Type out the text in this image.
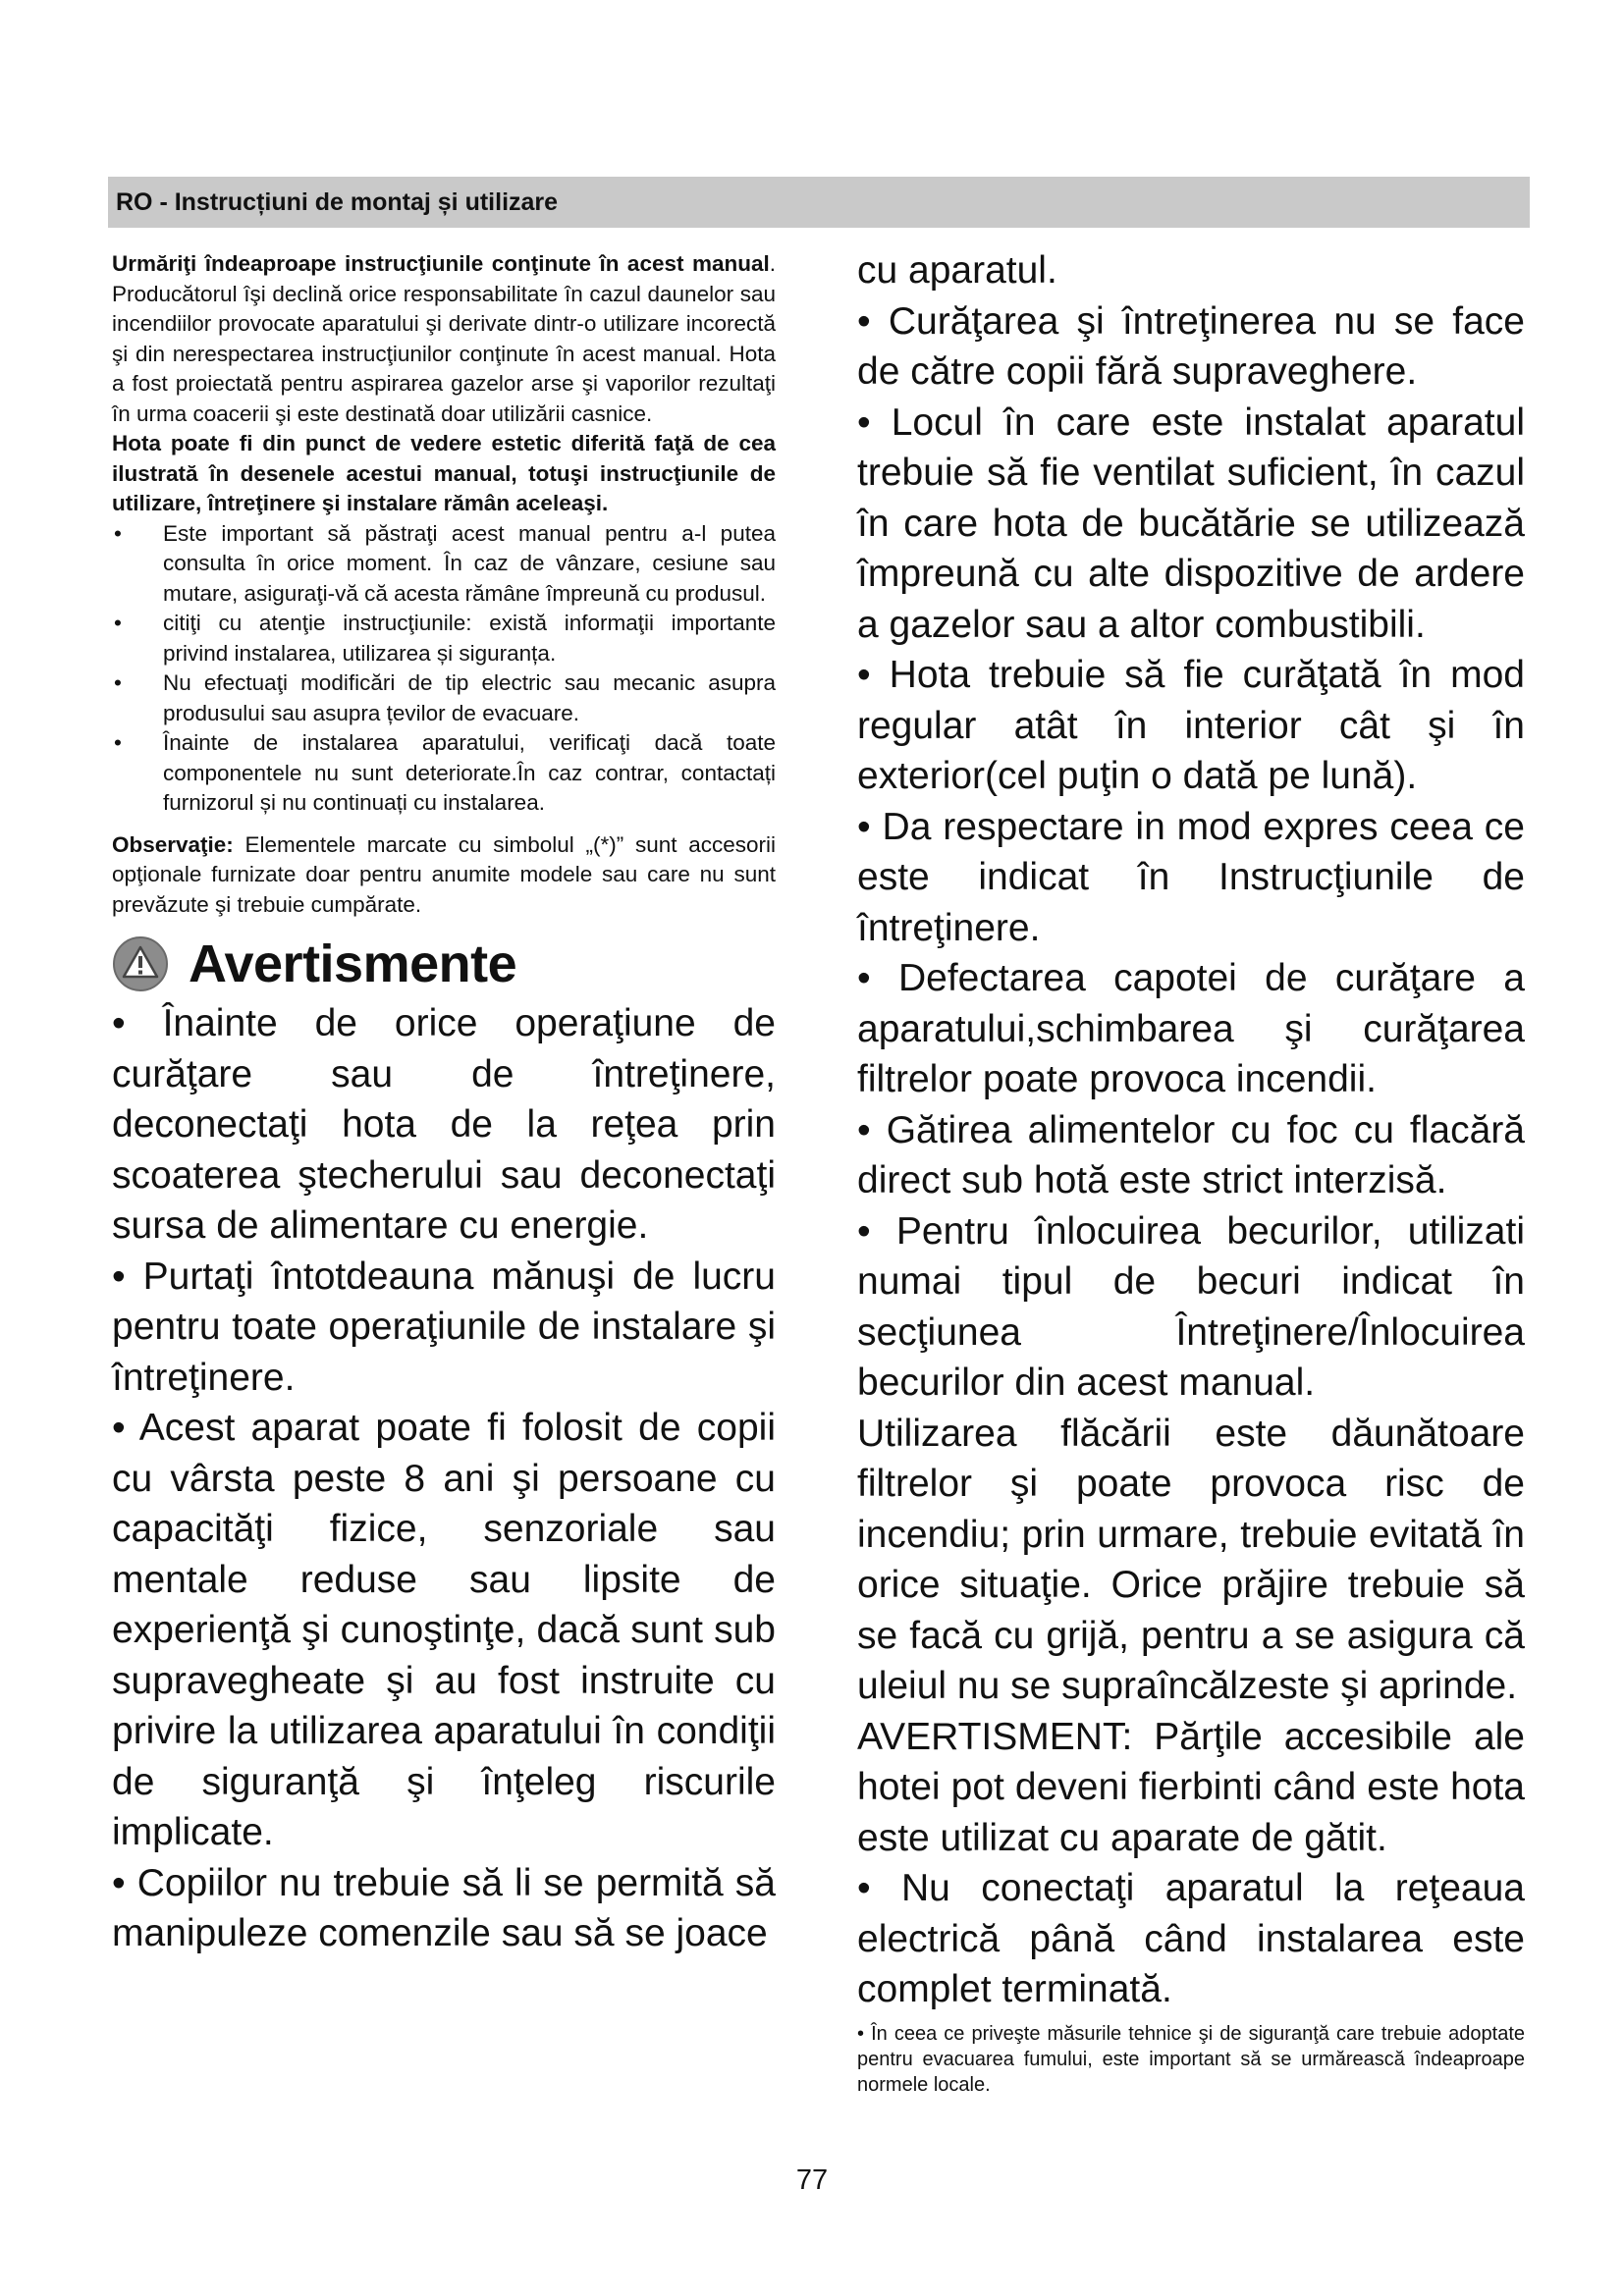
RO - Instrucțiuni de montaj și utilizare

Urmăriţi îndeaproape instrucţiunile conţinute în acest manual. Producătorul îşi declină orice responsabilitate în cazul daunelor sau incendiilor provocate aparatului şi derivate dintr-o utilizare incorectă şi din nerespectarea instrucţiunilor conţinute în acest manual. Hota a fost proiectată pentru aspirarea gazelor arse şi vaporilor rezultaţi în urma coacerii şi este destinată doar utilizării casnice.

Hota poate fi din punct de vedere estetic diferită faţă de cea ilustrată în desenele acestui manual, totuşi instrucţiunile de utilizare, întreţinere şi instalare rămân aceleaşi.

• Este important să păstraţi acest manual pentru a-l putea consulta în orice moment. În caz de vânzare, cesiune sau mutare, asiguraţi-vă că acesta rămâne împreună cu produsul.
• citiţi cu atenţie instrucţiunile: există informaţii importante privind instalarea, utilizarea și siguranța.
• Nu efectuaţi modificări de tip electric sau mecanic asupra produsului sau asupra țevilor de evacuare.
• Înainte de instalarea aparatului, verificaţi dacă toate componentele nu sunt deteriorate.În caz contrar, contactați furnizorul și nu continuați cu instalarea.

Observaţie: Elementele marcate cu simbolul „(*)” sunt accesorii opţionale furnizate doar pentru anumite modele sau care nu sunt prevăzute şi trebuie cumpărate.

Avertismente

• Înainte de orice operaţiune de curăţare sau de întreţinere, deconectaţi hota de la reţea prin scoaterea ştecherului sau deconectaţi sursa de alimentare cu energie.

• Purtaţi întotdeauna mănuşi de lucru pentru toate operaţiunile de instalare şi întreţinere.

• Acest aparat poate fi folosit de copii cu vârsta peste 8 ani şi persoane cu capacităţi fizice, senzoriale sau mentale reduse sau lipsite de experienţă şi cunoştinţe, dacă sunt sub supravegheate şi au fost instruite cu privire la utilizarea aparatului în condiţii de siguranţă şi înţeleg riscurile implicate.

• Copiilor nu trebuie să li se permită să manipuleze comenzile sau să se joace

cu aparatul.

• Curăţarea şi întreţinerea nu se face de către copii fără supraveghere.

• Locul în care este instalat aparatul trebuie să fie ventilat suficient, în cazul în care hota de bucătărie se utilizează împreună cu alte dispozitive de ardere a gazelor sau a altor combustibili.

• Hota trebuie să fie curăţată în mod regular atât în interior cât şi în exterior(cel puţin o dată pe lună).

• Da respectare in mod expres ceea ce este indicat în Instrucţiunile de întreţinere.

• Defectarea capotei de curăţare a aparatului,schimbarea şi curăţarea filtrelor poate provoca incendii.

• Gătirea alimentelor cu foc cu flacără direct sub hotă este strict interzisă.

• Pentru înlocuirea becurilor, utilizati numai tipul de becuri indicat în secţiunea Întreţinere/Înlocuirea becurilor din acest manual.

Utilizarea flăcării este dăunătoare filtrelor şi poate provoca risc de incendiu; prin urmare, trebuie evitată în orice situaţie. Orice prăjire trebuie să se facă cu grijă, pentru a se asigura că uleiul nu se supraîncălzeste şi aprinde.

AVERTISMENT: Părţile accesibile ale hotei pot deveni fierbinti când este hota este utilizat cu aparate de gătit.

• Nu conectaţi aparatul la reţeaua electrică până când instalarea este complet terminată.

• În ceea ce priveşte măsurile tehnice şi de siguranţă care trebuie adoptate pentru evacuarea fumului, este important să se urmărească îndeaproape normele locale.

77
